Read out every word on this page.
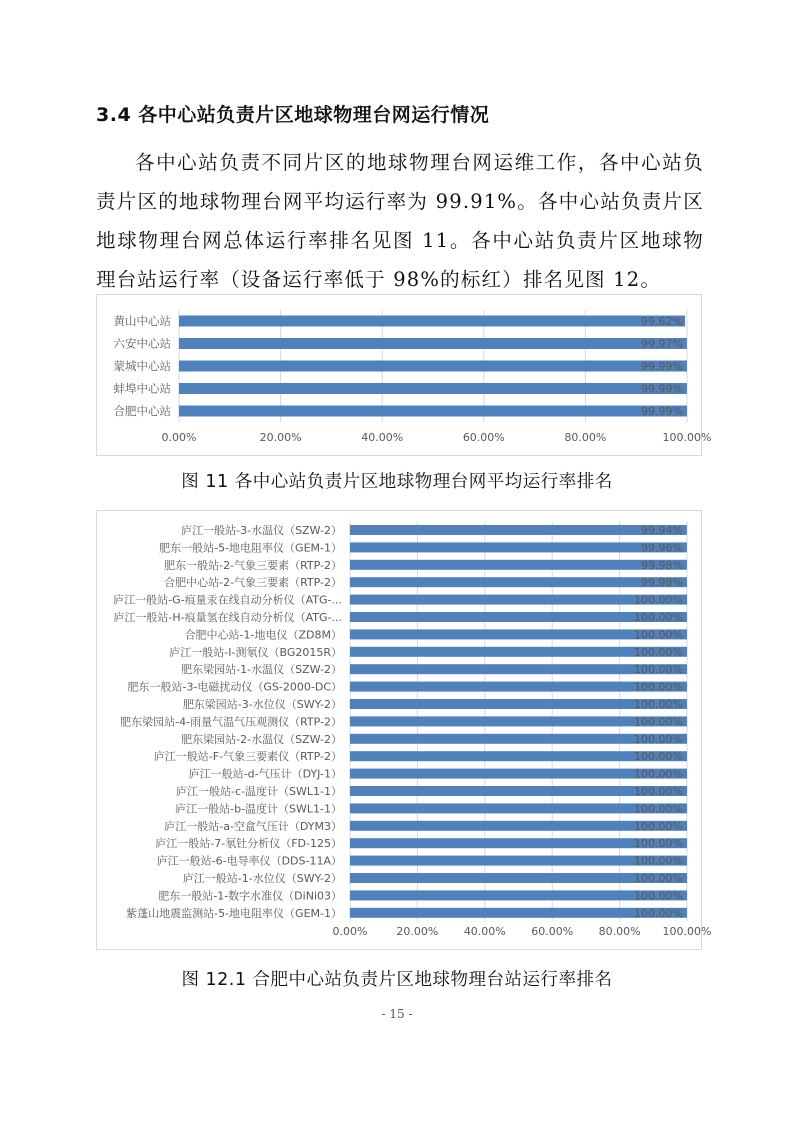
3.4 各中心站负责片区地球物理台网运行情况

各中心站负责不同片区的地球物理台网运维工作，各中心站负责片区的地球物理台网平均运行率为 99.91%。各中心站负责片区地球物理台网总体运行率排名见图 11。各中心站负责片区地球物理台站运行率（设备运行率低于 98%的标红）排名见图 12。

0.00%	20.00%	40.00%	60.00%	80.00%	100.00%
黄山中心站	99.62%
六安中心站	99.97%
蒙城中心站	99.99%
蚌埠中心站	99.99%
合肥中心站	99.99%
图 11 各中心站负责片区地球物理台网平均运行率排名
0.00%	20.00% 40.00% 60.00% 80.00% 100.00%
庐江一般站-3-水温仪（SZW-2）	99.94%
肥东一般站-5-地电阻率仪（GEM-1）	99.96%
肥东一般站-2-气象三要素（RTP-2）	99.98%
合肥中心站-2-气象三要素（RTP-2）	99.98%
庐江一般站-G-痕量汞在线自动分析仪（ATG-...	100.00%
庐江一般站-H-痕量氢在线自动分析仪（ATG-...	100.00%
合肥中心站-1-地电仪（ZD8M）	100.00%
庐江一般站-I-测氡仪（BG2015R）	100.00%
肥东梁园站-1-水温仪（SZW-2）	100.00%
肥东一般站-3-电磁扰动仪（GS-2000-DC）	100.00%
肥东梁园站-3-水位仪（SWY-2）	100.00%
肥东梁园站-4-雨量气温气压观测仪（RTP-2）	100.00%
肥东梁园站-2-水温仪（SZW-2）	100.00%
庐江一般站-F-气象三要素仪（RTP-2）	100.00%
庐江一般站-d-气压计（DYJ-1）	100.00%
庐江一般站-c-温度计（SWL1-1）	100.00%
庐江一般站-b-温度计（SWL1-1）	100.00%
庐江一般站-a-空盒气压计（DYM3）	100.00%
庐江一般站-7-氡钍分析仪（FD-125）	100.00%
庐江一般站-6-电导率仪（DDS-11A）	100.00%
庐江一般站-1-水位仪（SWY-2）	100.00%
肥东一般站-1-数字水准仪（DiNi03）	100.00%
紫蓬山地震监测站-5-地电阻率仪（GEM-1）	100.00%
图 12.1 合肥中心站负责片区地球物理台站运行率排名
- 15 -
